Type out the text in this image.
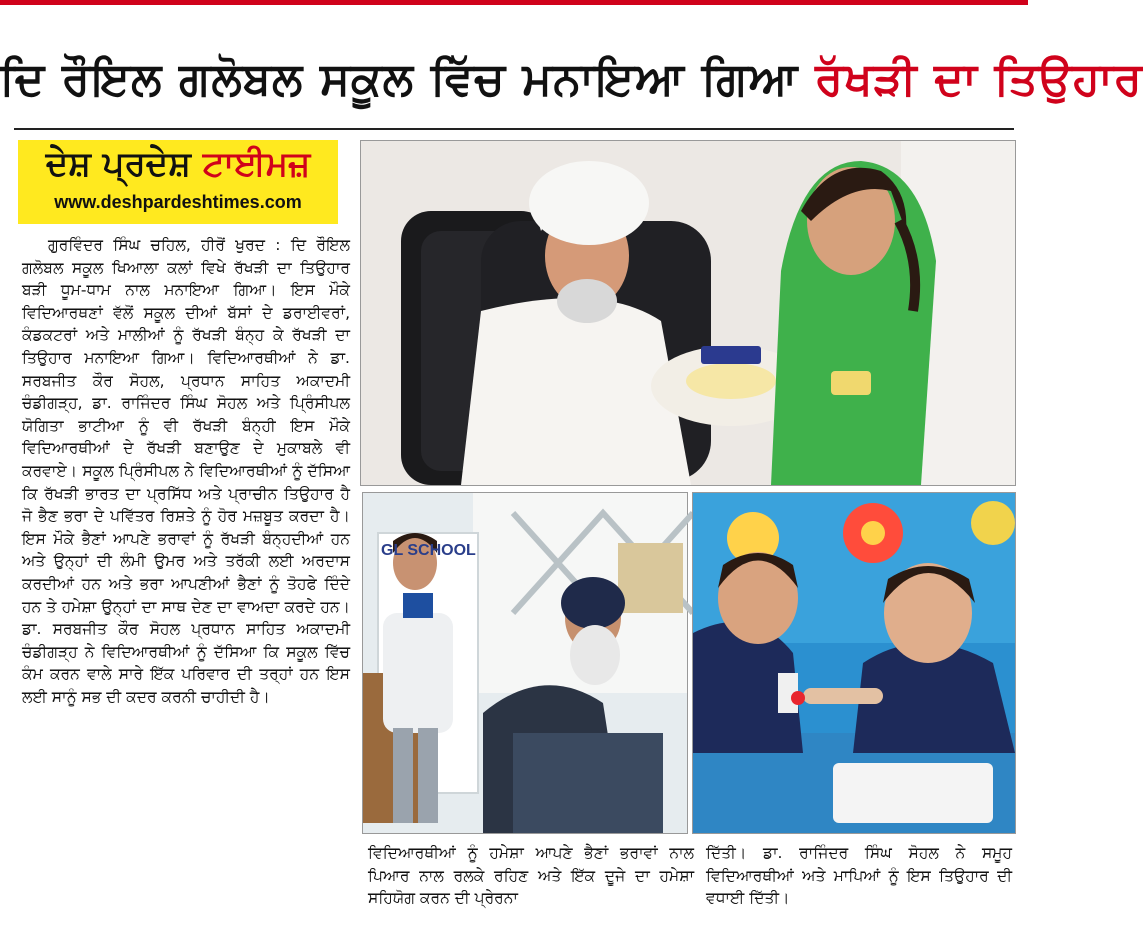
ਦਿ ਰੌਇਲ ਗਲੋਬਲ ਸਕੂਲ ਵਿੱਚ ਮਨਾਇਆ ਗਿਆ ਰੱਖੜੀ ਦਾ ਤਿਉਹਾਰ
ਦੇਸ਼ ਪ੍ਰਦੇਸ਼ ਟਾਈਮਜ਼
www.deshpardeshtimes.com
ਗੁਰਵਿੰਦਰ ਸਿੰਘ ਚਹਿਲ, ਹੀਰੋਂ ਖੁਰਦ : ਦਿ ਰੌਇਲ ਗਲੋਬਲ ਸਕੂਲ ਖਿਆਲਾ ਕਲਾਂ ਵਿਖੇ ਰੱਖੜੀ ਦਾ ਤਿਉਹਾਰ ਬੜੀ ਧੂਮ-ਧਾਮ ਨਾਲ ਮਨਾਇਆ ਗਿਆ। ਇਸ ਮੌਕੇ ਵਿਦਿਆਰਥਣਾਂ ਵੱਲੋਂ ਸਕੂਲ ਦੀਆਂ ਬੱਸਾਂ ਦੇ ਡਰਾਈਵਰਾਂ, ਕੰਡਕਟਰਾਂ ਅਤੇ ਮਾਲੀਆਂ ਨੂੰ ਰੱਖੜੀ ਬੰਨ੍ਹ ਕੇ ਰੱਖੜੀ ਦਾ ਤਿਉਹਾਰ ਮਨਾਇਆ ਗਿਆ। ਵਿਦਿਆਰਥੀਆਂ ਨੇ ਡਾ. ਸਰਬਜੀਤ ਕੌਰ ਸੋਹਲ, ਪ੍ਰਧਾਨ ਸਾਹਿਤ ਅਕਾਦਮੀ ਚੰਡੀਗੜ੍ਹ, ਡਾ. ਰਾਜਿੰਦਰ ਸਿੰਘ ਸੋਹਲ ਅਤੇ ਪ੍ਰਿੰਸੀਪਲ ਯੋਗਿਤਾ ਭਾਟੀਆ ਨੂੰ ਵੀ ਰੱਖੜੀ ਬੰਨ੍ਹੀ ਇਸ ਮੌਕੇ ਵਿਦਿਆਰਥੀਆਂ ਦੇ ਰੱਖੜੀ ਬਣਾਉਣ ਦੇ ਮੁਕਾਬਲੇ ਵੀ ਕਰਵਾਏ। ਸਕੂਲ ਪ੍ਰਿੰਸੀਪਲ ਨੇ ਵਿਦਿਆਰਥੀਆਂ ਨੂੰ ਦੱਸਿਆ ਕਿ ਰੱਖੜੀ ਭਾਰਤ ਦਾ ਪ੍ਰਸਿੱਧ ਅਤੇ ਪ੍ਰਾਚੀਨ ਤਿਉਹਾਰ ਹੈ ਜੋ ਭੈਣ ਭਰਾ ਦੇ ਪਵਿੱਤਰ ਰਿਸ਼ਤੇ ਨੂੰ ਹੋਰ ਮਜ਼ਬੂਤ ਕਰਦਾ ਹੈ।ਇਸ ਮੌਕੇ ਭੈਣਾਂ ਆਪਣੇ ਭਰਾਵਾਂ ਨੂੰ ਰੱਖੜੀ ਬੰਨ੍ਹਦੀਆਂ ਹਨ ਅਤੇ ਉਨ੍ਹਾਂ ਦੀ ਲੰਮੀ ਉਮਰ ਅਤੇ ਤਰੱਕੀ ਲਈ ਅਰਦਾਸ ਕਰਦੀਆਂ ਹਨ ਅਤੇ ਭਰਾ ਆਪਣੀਆਂ ਭੈਣਾਂ ਨੂੰ ਤੋਹਫੇ ਦਿੰਦੇ ਹਨ ਤੇ ਹਮੇਸ਼ਾ ਉਨ੍ਹਾਂ ਦਾ ਸਾਥ ਦੇਣ ਦਾ ਵਾਅਦਾ ਕਰਦੇ ਹਨ। ਡਾ. ਸਰਬਜੀਤ ਕੌਰ ਸੋਹਲ ਪ੍ਰਧਾਨ ਸਾਹਿਤ ਅਕਾਦਮੀ ਚੰਡੀਗੜ੍ਹ ਨੇ ਵਿਦਿਆਰਥੀਆਂ ਨੂੰ ਦੱਸਿਆ ਕਿ ਸਕੂਲ ਵਿੱਚ ਕੰਮ ਕਰਨ ਵਾਲੇ ਸਾਰੇ ਇੱਕ ਪਰਿਵਾਰ ਦੀ ਤਰ੍ਹਾਂ ਹਨ ਇਸ ਲਈ ਸਾਨੂੰ ਸਭ ਦੀ ਕਦਰ ਕਰਨੀ ਚਾਹੀਦੀ ਹੈ।
GL SCHOOL
ਵਿਦਿਆਰਥੀਆਂ ਨੂੰ ਹਮੇਸ਼ਾ ਆਪਣੇ ਭੈਣਾਂ ਭਰਾਵਾਂ ਨਾਲ ਪਿਆਰ ਨਾਲ ਰਲਕੇ ਰਹਿਣ ਅਤੇ ਇੱਕ ਦੂਜੇ ਦਾ ਹਮੇਸ਼ਾ ਸਹਿਯੋਗ ਕਰਨ ਦੀ ਪ੍ਰੇਰਨਾ
ਦਿੱਤੀ। ਡਾ. ਰਾਜਿੰਦਰ ਸਿੰਘ ਸੋਹਲ ਨੇ ਸਮੂਹ ਵਿਦਿਆਰਥੀਆਂ ਅਤੇ ਮਾਪਿਆਂ ਨੂੰ ਇਸ ਤਿਉਹਾਰ ਦੀ ਵਧਾਈ ਦਿੱਤੀ।
